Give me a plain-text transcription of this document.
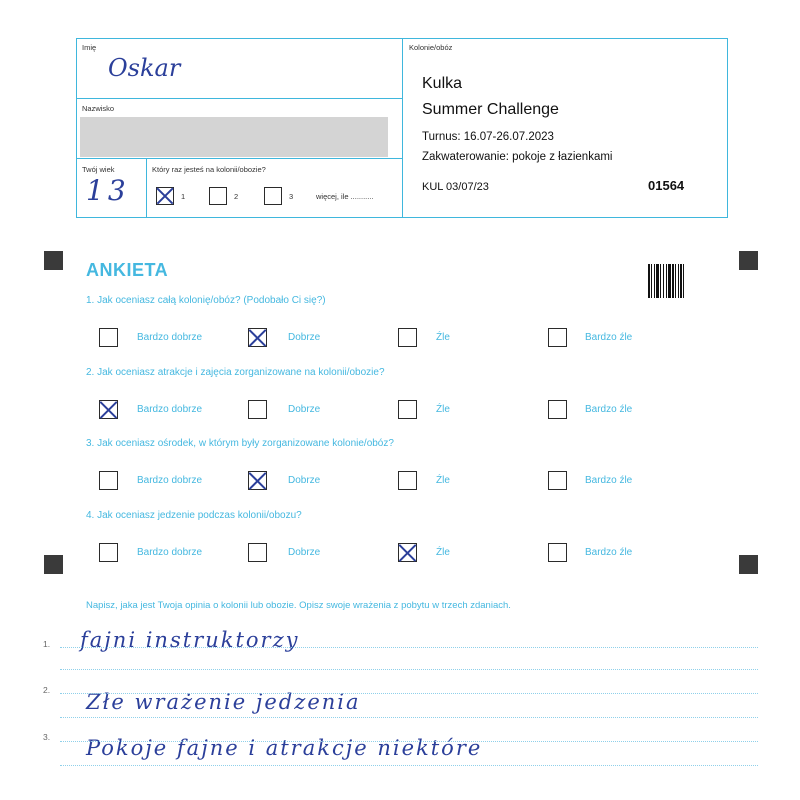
Imię
Oskar
Nazwisko
Twój wiek
13
Który raz jesteś na kolonii/obozie?
1	2	3	więcej, ile ...........
Kolonie/obóz
Kulka
Summer Challenge
Turnus: 16.07-26.07.2023
Zakwaterowanie: pokoje z łazienkami
KUL 03/07/23	01564
ANKIETA
1. Jak oceniasz całą kolonię/obóz? (Podobało Ci się?)
Bardzo dobrze	Dobrze	Źle	Bardzo źle
2. Jak oceniasz atrakcje i zajęcia zorganizowane na kolonii/obozie?
Bardzo dobrze	Dobrze	Źle	Bardzo źle
3. Jak oceniasz ośrodek, w którym były zorganizowane kolonie/obóz?
Bardzo dobrze	Dobrze	Źle	Bardzo źle
4. Jak oceniasz jedzenie podczas kolonii/obozu?
Bardzo dobrze	Dobrze	Źle	Bardzo źle
Napisz, jaka jest Twoja opinia o kolonii lub obozie. Opisz swoje wrażenia z pobytu w trzech zdaniach.
1. fajni instruktorzy
2. Złe wrażenie jedzenia
3. Pokoje fajne i atrakcje niektóre
